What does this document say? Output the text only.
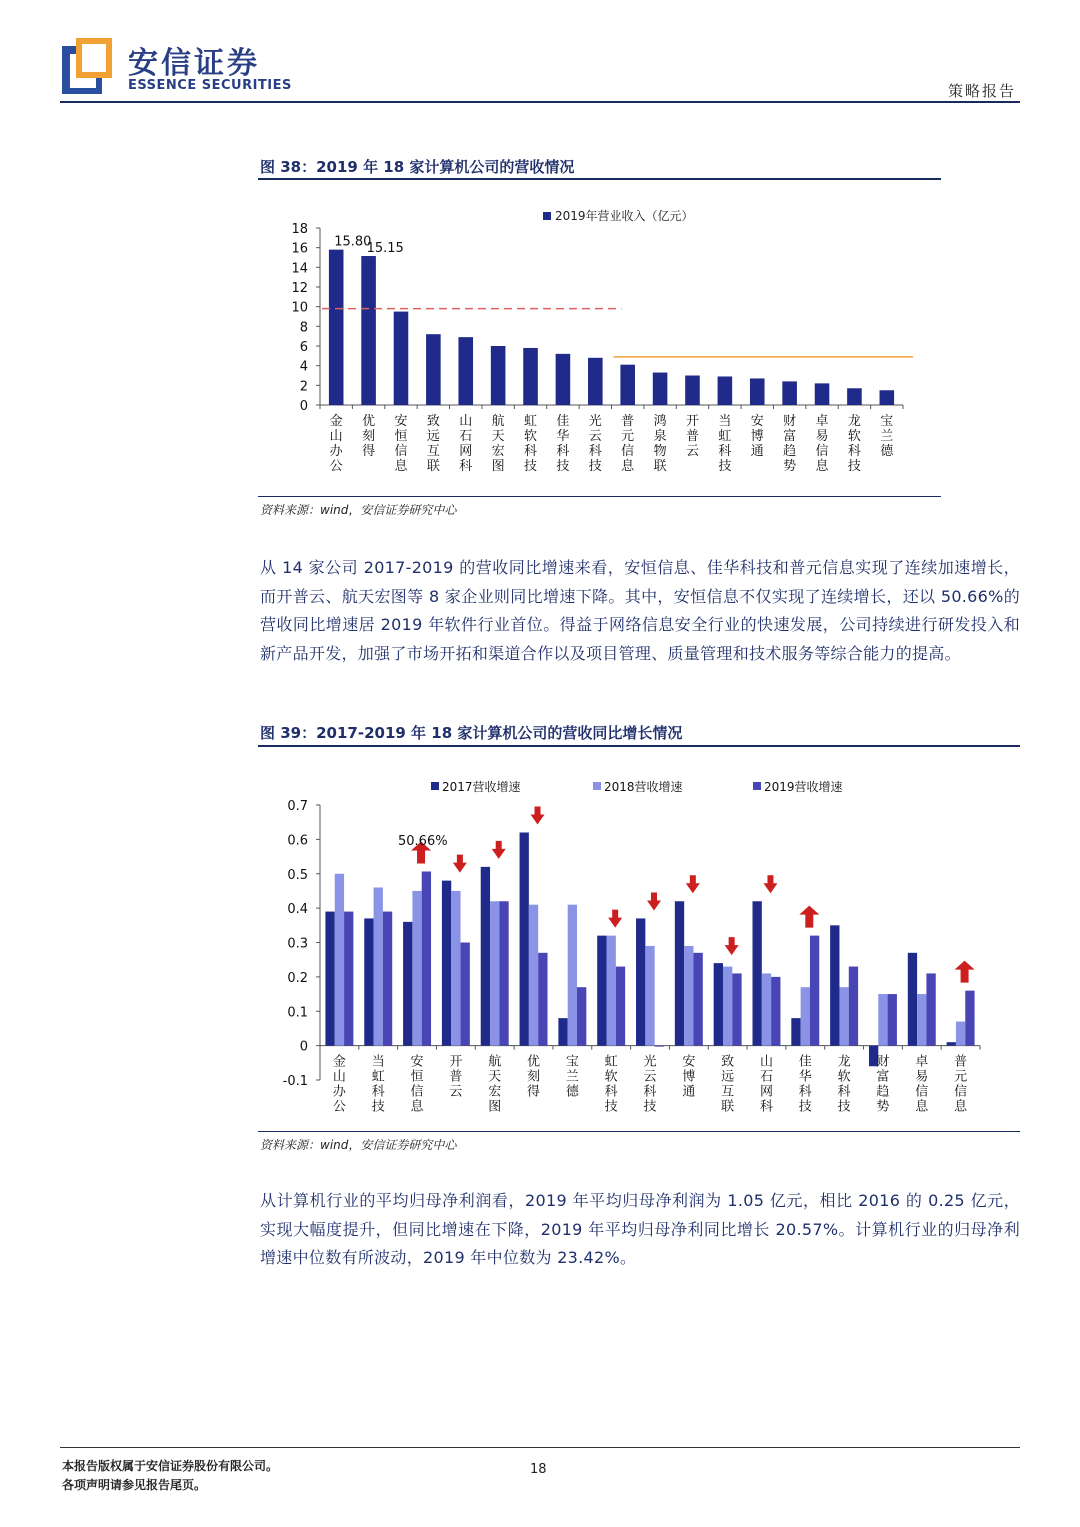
安信证券
ESSENCE SECURITIES	策略报告
图 38：2019 年 18 家计算机公司的营收情况
2019年营业收入（亿元）
0
2
4
6
8
10
12
14
16
18
金山办公
15.80
优刻得
15.15
安恒信息
致远互联
山石网科
航天宏图
虹软科技
佳华科技
光云科技
普元信息
鸿泉物联
开普云
当虹科技
安博通
财富趋势
卓易信息
龙软科技
宝兰德
资料来源：wind，安信证券研究中心
从 14 家公司 2017-2019 的营收同比增速来看，安恒信息、佳华科技和普元信息实现了连续加速增长，而开普云、航天宏图等 8 家企业则同比增速下降。其中，安恒信息不仅实现了连续增长，还以 50.66%的营收同比增速居 2019 年软件行业首位。得益于网络信息安全行业的快速发展，公司持续进行研发投入和新产品开发，加强了市场开拓和渠道合作以及项目管理、质量管理和技术服务等综合能力的提高。
图 39：2017-2019 年 18 家计算机公司的营收同比增长情况
2017营收增速	2018营收增速	2019营收增速
-0.1
0
0.1
0.2
0.3
0.4
0.5
0.6
0.7
金山办公
当虹科技
安恒信息
开普云
航天宏图
优刻得
宝兰德
虹软科技
光云科技
安博通
致远互联
山石网科
佳华科技
龙软科技
财富趋势
卓易信息
普元信息
50.66%
资料来源：wind，安信证券研究中心
从计算机行业的平均归母净利润看，2019 年平均归母净利润为 1.05 亿元，相比 2016 的 0.25 亿元，实现大幅度提升，但同比增速在下降，2019 年平均归母净利同比增长 20.57%。计算机行业的归母净利增速中位数有所波动，2019 年中位数为 23.42%。
本报告版权属于安信证券股份有限公司。
各项声明请参见报告尾页。
18
